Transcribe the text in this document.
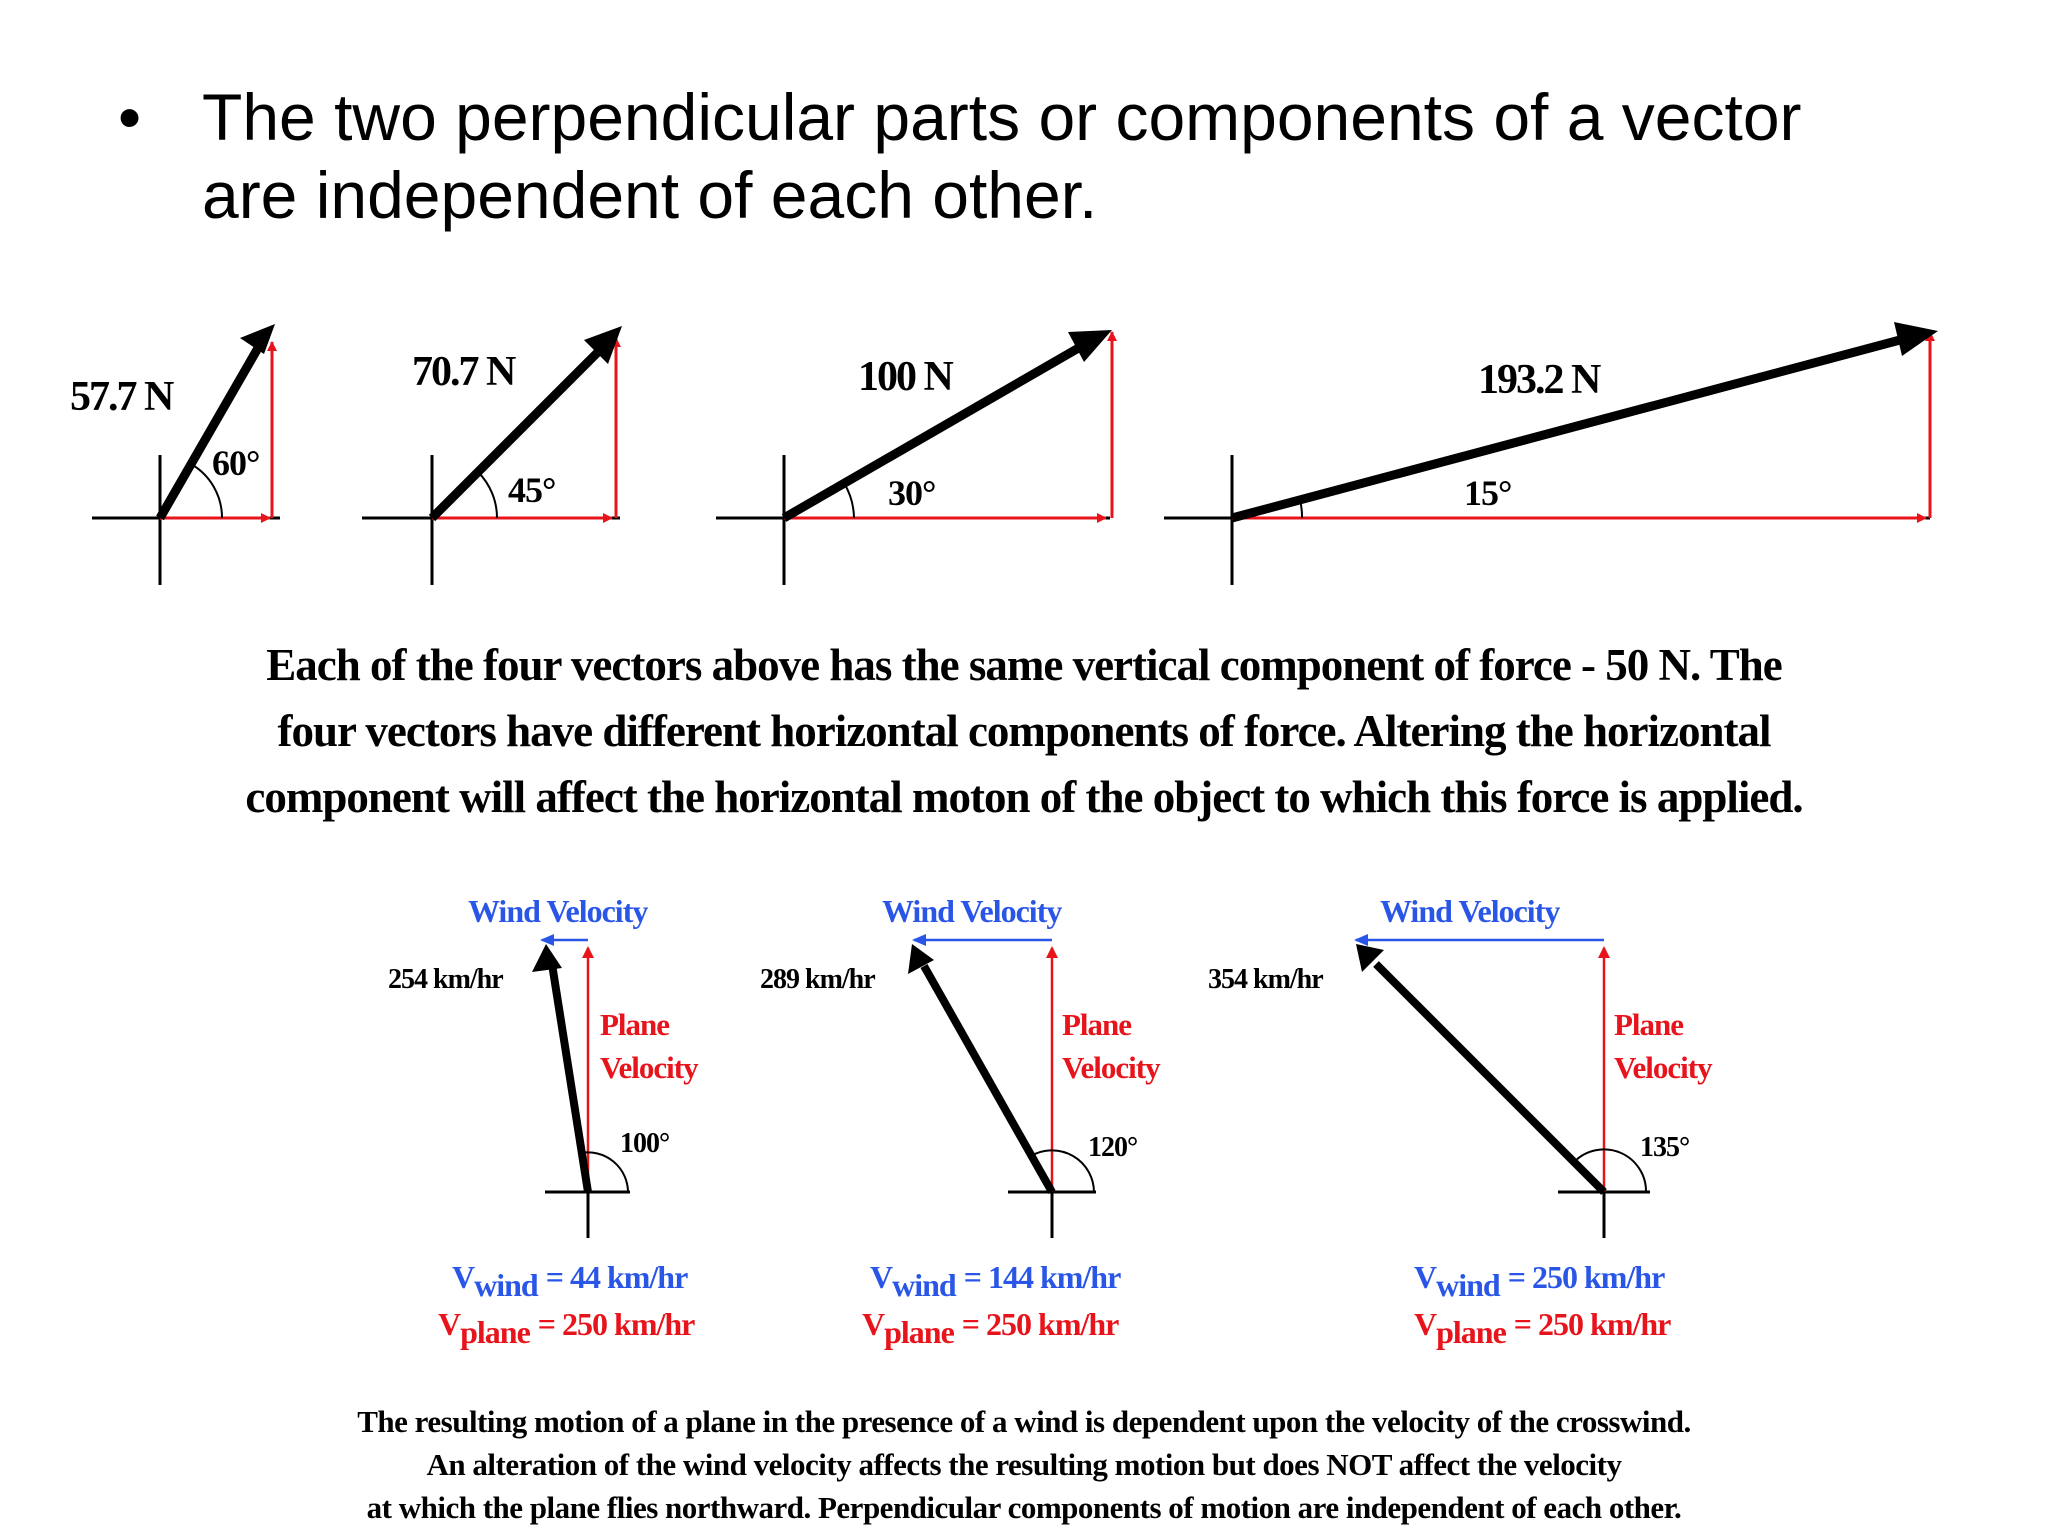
• The two perpendicular parts or components of a vector
are independent of each other.
57.7 N
60°
70.7 N
45°
100 N
30°
193.2 N
15°
Each of the four vectors above has the same vertical component of force - 50 N. The
four vectors have different horizontal components of force. Altering the horizontal
component will affect the horizontal moton of the object to which this force is applied.
Wind Velocity
254 km/hr
Plane
Velocity
100°
Vwind = 44 km/hr
Vplane = 250 km/hr
Wind Velocity
289 km/hr
Plane
Velocity
120°
Vwind = 144 km/hr
Vplane = 250 km/hr
Wind Velocity
354 km/hr
Plane
Velocity
135°
Vwind = 250 km/hr
Vplane = 250 km/hr
The resulting motion of a plane in the presence of a wind is dependent upon the velocity of the crosswind.
An alteration of the wind velocity affects the resulting motion but does NOT affect the velocity
at which the plane flies northward. Perpendicular components of motion are independent of each other.
